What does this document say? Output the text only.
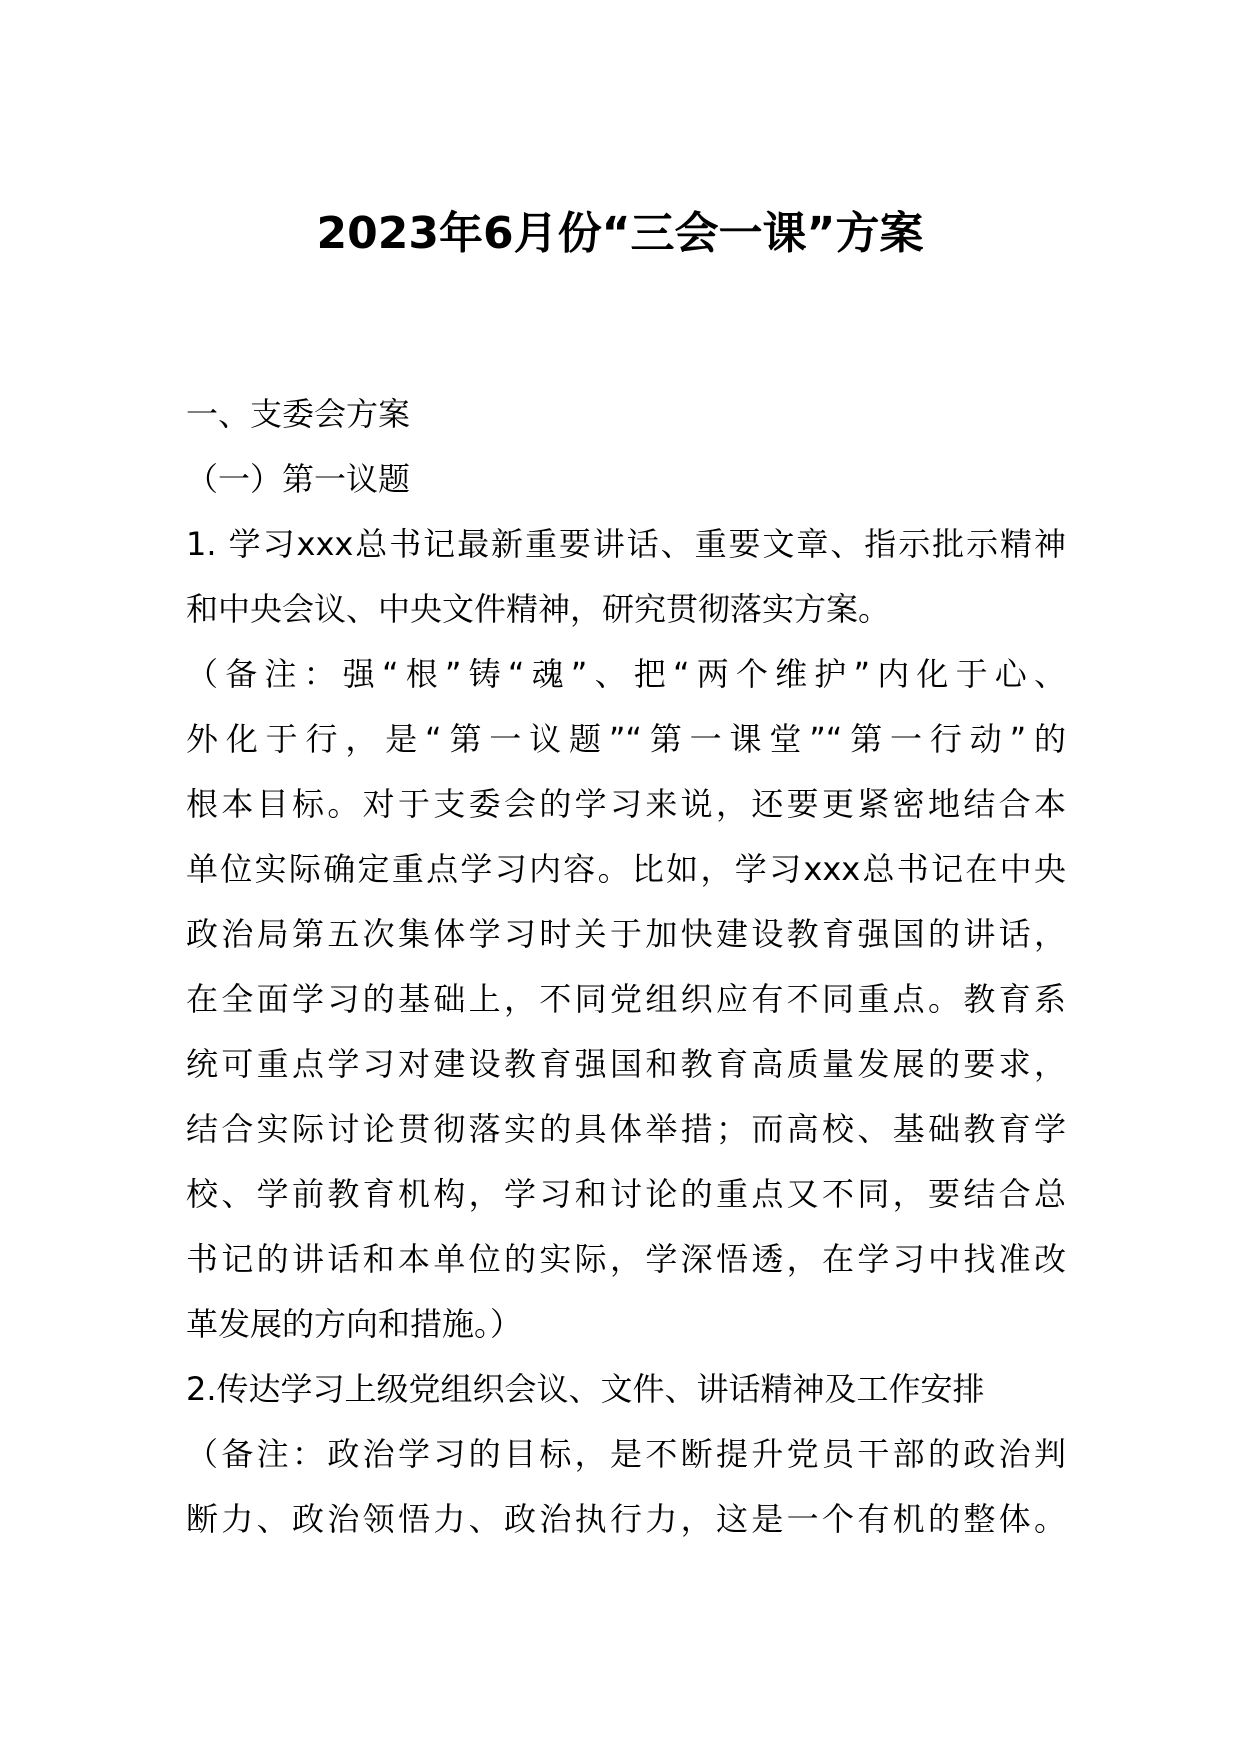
2023年6月份“三会一课”方案
一、支委会方案
（一）第一议题
1. 学习xxx总书记最新重要讲话、重要文章、指示批示精神
和中央会议、中央文件精神，研究贯彻落实方案。
（备注：强“根”铸“魂”、把“两个维护”内化于心、
外化于行，是“第一议题”“第一课堂”“第一行动”的
根本目标。对于支委会的学习来说，还要更紧密地结合本
单位实际确定重点学习内容。比如，学习xxx总书记在中央
政治局第五次集体学习时关于加快建设教育强国的讲话，
在全面学习的基础上，不同党组织应有不同重点。教育系
统可重点学习对建设教育强国和教育高质量发展的要求，
结合实际讨论贯彻落实的具体举措；而高校、基础教育学
校、学前教育机构，学习和讨论的重点又不同，要结合总
书记的讲话和本单位的实际，学深悟透，在学习中找准改
革发展的方向和措施。）
2.传达学习上级党组织会议、文件、讲话精神及工作安排
（备注：政治学习的目标，是不断提升党员干部的政治判
断力、政治领悟力、政治执行力，这是一个有机的整体。
